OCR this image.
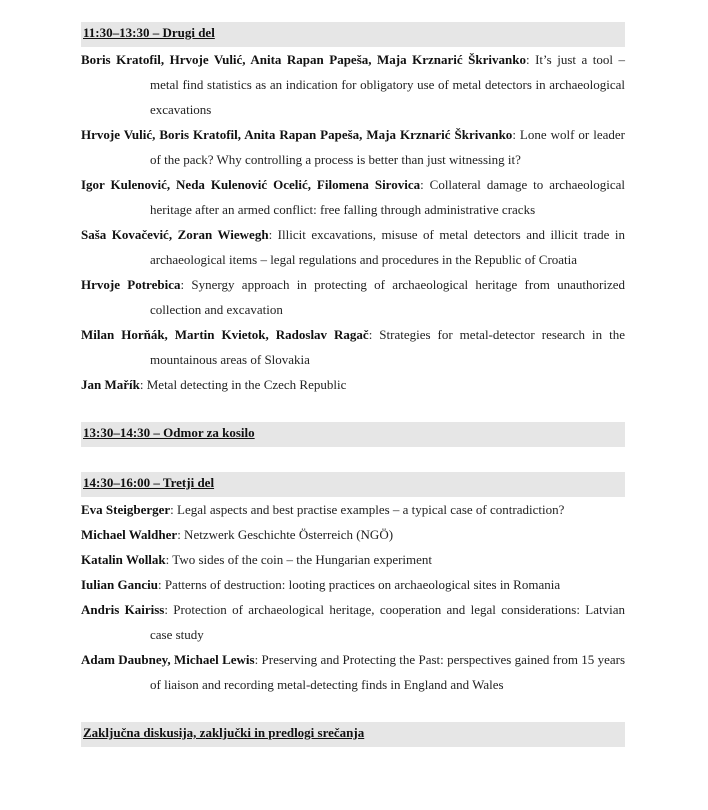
11:30–13:30 – Drugi del
Boris Kratofil, Hrvoje Vulić, Anita Rapan Papeša, Maja Krznarić Škrivanko: It’s just a tool – metal find statistics as an indication for obligatory use of metal detectors in archaeological excavations
Hrvoje Vulić, Boris Kratofil, Anita Rapan Papeša, Maja Krznarić Škrivanko: Lone wolf or leader of the pack? Why controlling a process is better than just witnessing it?
Igor Kulenović, Neda Kulenović Ocelić, Filomena Sirovica: Collateral damage to archaeological heritage after an armed conflict: free falling through administrative cracks
Saša Kovačević, Zoran Wiewegh: Illicit excavations, misuse of metal detectors and illicit trade in archaeological items – legal regulations and procedures in the Republic of Croatia
Hrvoje Potrebica: Synergy approach in protecting of archaeological heritage from unauthorized collection and excavation
Milan Horňák, Martin Kvietok, Radoslav Ragač: Strategies for metal-detector research in the mountainous areas of Slovakia
Jan Mařík: Metal detecting in the Czech Republic
13:30–14:30 – Odmor za kosilo
14:30–16:00 – Tretji del
Eva Steigberger: Legal aspects and best practise examples – a typical case of contradiction?
Michael Waldher: Netzwerk Geschichte Österreich (NGÖ)
Katalin Wollak: Two sides of the coin – the Hungarian experiment
Iulian Ganciu: Patterns of destruction: looting practices on archaeological sites in Romania
Andris Kairiss: Protection of archaeological heritage, cooperation and legal considerations: Latvian case study
Adam Daubney, Michael Lewis: Preserving and Protecting the Past: perspectives gained from 15 years of liaison and recording metal-detecting finds in England and Wales
Zaključna diskusija, zaključki in predlogi srečanja
